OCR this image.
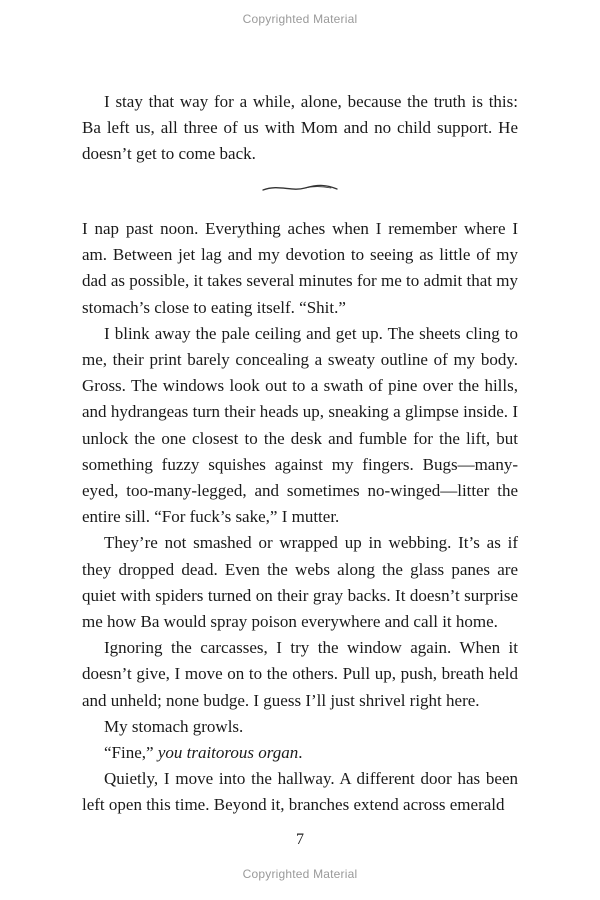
Copyrighted Material

I stay that way for a while, alone, because the truth is this: Ba left us, all three of us with Mom and no child support. He doesn’t get to come back.

I nap past noon. Everything aches when I remember where I am. Between jet lag and my devotion to seeing as little of my dad as possible, it takes several minutes for me to admit that my stomach’s close to eating itself. “Shit.”

I blink away the pale ceiling and get up. The sheets cling to me, their print barely concealing a sweaty outline of my body. Gross. The windows look out to a swath of pine over the hills, and hydrangeas turn their heads up, sneaking a glimpse inside. I unlock the one closest to the desk and fumble for the lift, but something fuzzy squishes against my fingers. Bugs—many-eyed, too-many-legged, and sometimes no-winged—litter the entire sill. “For fuck’s sake,” I mutter.

They’re not smashed or wrapped up in webbing. It’s as if they dropped dead. Even the webs along the glass panes are quiet with spiders turned on their gray backs. It doesn’t surprise me how Ba would spray poison everywhere and call it home.

Ignoring the carcasses, I try the window again. When it doesn’t give, I move on to the others. Pull up, push, breath held and unheld; none budge. I guess I’ll just shrivel right here.

My stomach growls.

“Fine,” you traitorous organ.

Quietly, I move into the hallway. A different door has been left open this time. Beyond it, branches extend across emerald

7
Copyrighted Material
